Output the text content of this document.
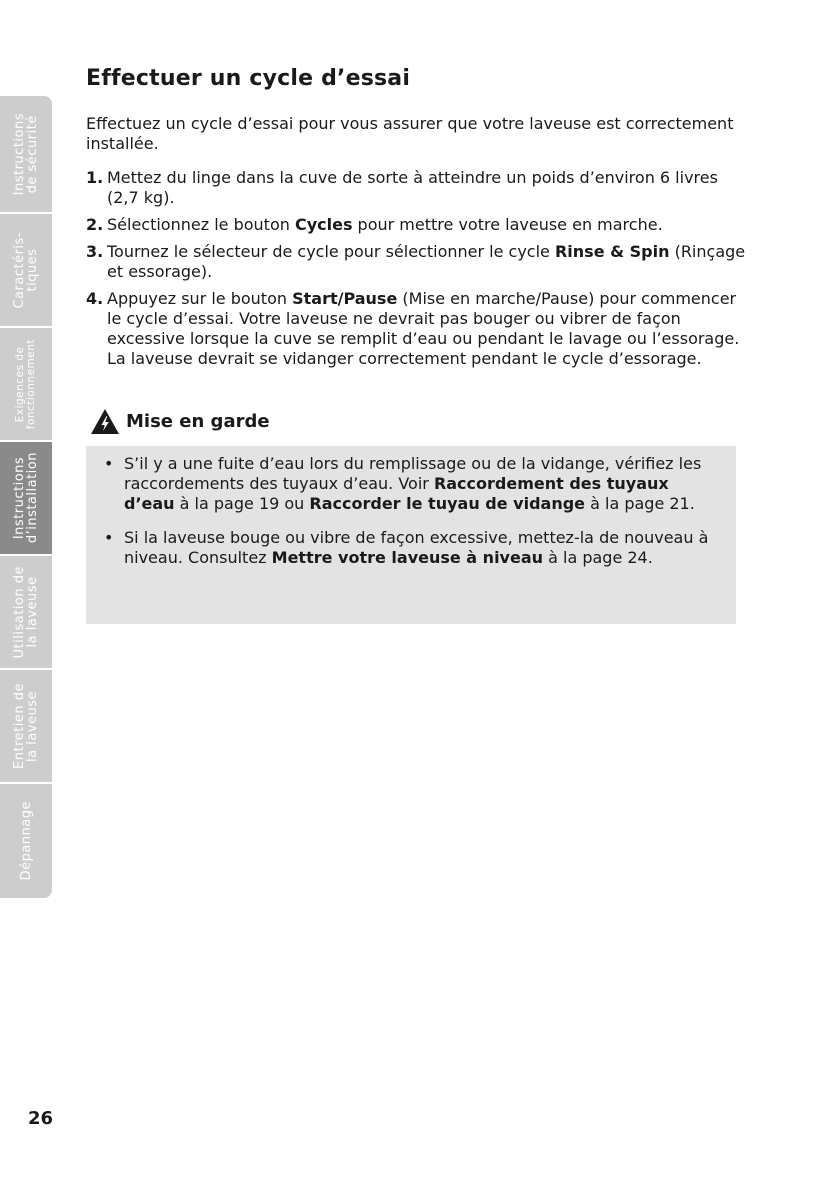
Instructions
de sécurité
Caractéris-
tiques
Exigences de
fonctionnement
Instructions
d’installation
Utilisation de
la laveuse
Entretien de
la laveuse
Dépannage
Effectuer un cycle d’essai

Effectuez un cycle d’essai pour vous assurer que votre laveuse est correctement installée.

1. Mettez du linge dans la cuve de sorte à atteindre un poids d’environ 6 livres (2,7 kg).
2. Sélectionnez le bouton Cycles pour mettre votre laveuse en marche.
3. Tournez le sélecteur de cycle pour sélectionner le cycle Rinse & Spin (Rinçage et essorage).
4. Appuyez sur le bouton Start/Pause (Mise en marche/Pause) pour commencer le cycle d’essai. Votre laveuse ne devrait pas bouger ou vibrer de façon excessive lorsque la cuve se remplit d’eau ou pendant le lavage ou l’essorage. La laveuse devrait se vidanger correctement pendant le cycle d’essorage.
Mise en garde
• S’il y a une fuite d’eau lors du remplissage ou de la vidange, vérifiez les raccordements des tuyaux d’eau. Voir Raccordement des tuyaux d’eau à la page 19 ou Raccorder le tuyau de vidange à la page 21.
• Si la laveuse bouge ou vibre de façon excessive, mettez-la de nouveau à niveau. Consultez Mettre votre laveuse à niveau à la page 24.
26
